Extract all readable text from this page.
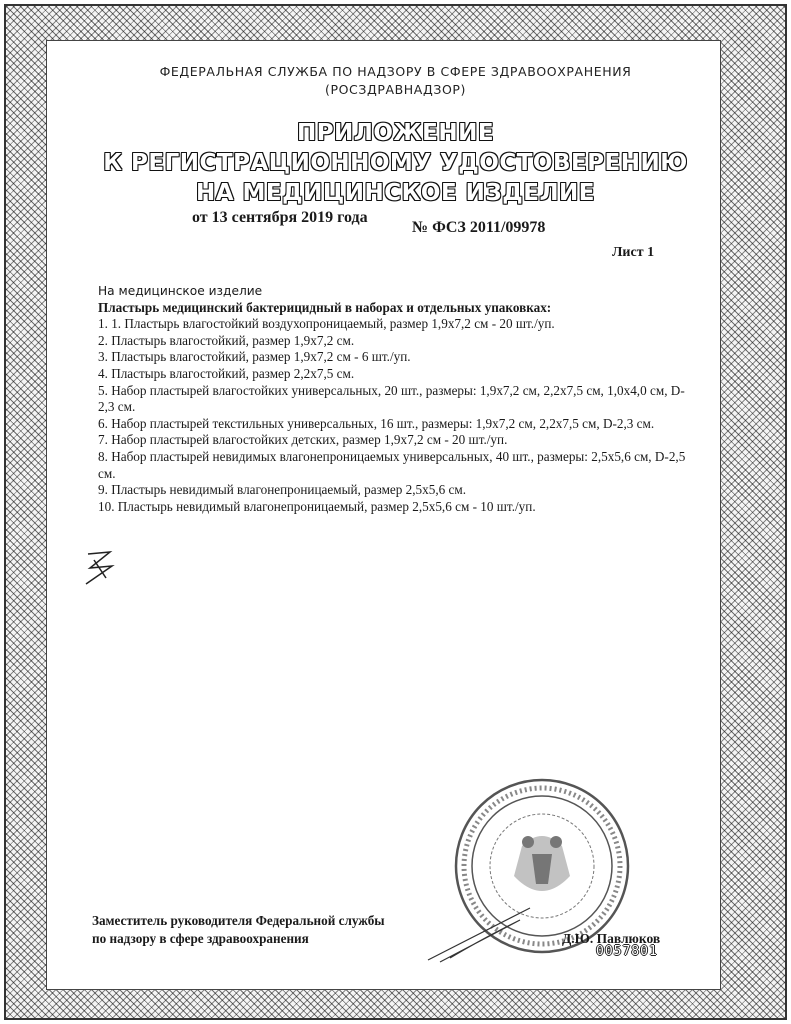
ФЕДЕРАЛЬНАЯ СЛУЖБА ПО НАДЗОРУ В СФЕРЕ ЗДРАВООХРАНЕНИЯ
(РОСЗДРАВНАДЗОР)
ПРИЛОЖЕНИЕ
К РЕГИСТРАЦИОННОМУ УДОСТОВЕРЕНИЮ
НА МЕДИЦИНСКОЕ ИЗДЕЛИЕ
от 13 сентября 2019 года
№ ФСЗ 2011/09978
Лист 1
На медицинское изделие
Пластырь медицинский бактерицидный в наборах и отдельных упаковках:
1. 1. Пластырь влагостойкий воздухопроницаемый, размер 1,9х7,2 см - 20 шт./уп.
2. Пластырь влагостойкий, размер 1,9х7,2 см.
3. Пластырь влагостойкий, размер 1,9х7,2 см - 6 шт./уп.
4. Пластырь влагостойкий, размер 2,2х7,5 см.
5. Набор пластырей влагостойких универсальных, 20 шт., размеры: 1,9х7,2 см, 2,2х7,5 см, 1,0х4,0 см, D-2,3 см.
6. Набор пластырей текстильных универсальных, 16 шт., размеры: 1,9х7,2 см, 2,2х7,5 см, D-2,3 см.
7. Набор пластырей влагостойких детских, размер 1,9х7,2 см - 20 шт./уп.
8. Набор пластырей невидимых влагонепроницаемых универсальных, 40 шт., размеры: 2,5х5,6 см, D-2,5 см.
9. Пластырь невидимый влагонепроницаемый, размер 2,5х5,6 см.
10. Пластырь невидимый влагонепроницаемый, размер 2,5х5,6 см - 10 шт./уп.
Заместитель руководителя Федеральной службы
по надзору в сфере здравоохранения	Д.Ю. Павлюков
0057801
